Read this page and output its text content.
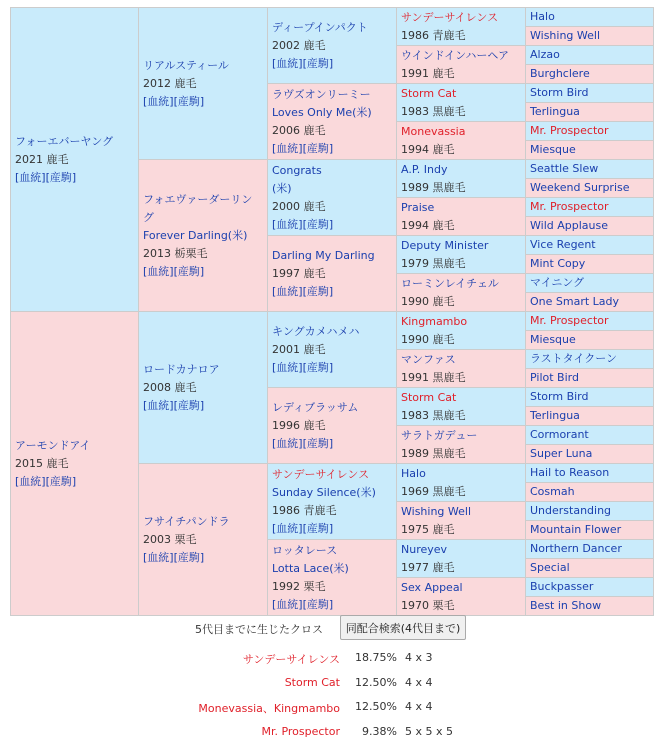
フォーエバーヤング
2021 鹿毛
[血統][産駒]	リアルスティール
2012 鹿毛
[血統][産駒]	ディープインパクト
2002 鹿毛
[血統][産駒]	サンデーサイレンス
1986 青鹿毛	Halo
				Wishing Well
			ウインドインハーヘア
1991 鹿毛	Alzao
				Burghclere
		ラヴズオンリーミー
Loves Only Me(米)
2006 鹿毛
[血統][産駒]	Storm Cat
1983 黒鹿毛	Storm Bird
				Terlingua
			Monevassia
1994 鹿毛	Mr. Prospector
				Miesque
	フォエヴァーダーリング
Forever Darling(米)
2013 栃栗毛
[血統][産駒]	Congrats
(米)
2000 鹿毛
[血統][産駒]	A.P. Indy
1989 黒鹿毛	Seattle Slew
				Weekend Surprise
			Praise
1994 鹿毛	Mr. Prospector
				Wild Applause
		Darling My Darling
1997 鹿毛
[血統][産駒]	Deputy Minister
1979 黒鹿毛	Vice Regent
				Mint Copy
			ローミンレイチェル
1990 鹿毛	マイニング
				One Smart Lady
アーモンドアイ
2015 鹿毛
[血統][産駒]	ロードカナロア
2008 鹿毛
[血統][産駒]	キングカメハメハ
2001 鹿毛
[血統][産駒]	Kingmambo
1990 鹿毛	Mr. Prospector
				Miesque
			マンファス
1991 黒鹿毛	ラストタイクーン
				Pilot Bird
		レディブラッサム
1996 鹿毛
[血統][産駒]	Storm Cat
1983 黒鹿毛	Storm Bird
				Terlingua
			サラトガデュー
1989 黒鹿毛	Cormorant
				Super Luna
	フサイチパンドラ
2003 栗毛
[血統][産駒]	サンデーサイレンス
Sunday Silence(米)
1986 青鹿毛
[血統][産駒]	Halo
1969 黒鹿毛	Hail to Reason
				Cosmah
			Wishing Well
1975 鹿毛	Understanding
				Mountain Flower
		ロッタレース
Lotta Lace(米)
1992 栗毛
[血統][産駒]	Nureyev
1977 鹿毛	Northern Dancer
				Special
			Sex Appeal
1970 栗毛	Buckpasser
				Best in Show
5代目までに生じたクロス	同配合検索(4代目まで)
サンデーサイレンス 18.75% 4 x 3
Storm Cat 12.50% 4 x 4
Monevassia、Kingmambo 12.50% 4 x 4
Mr. Prospector 9.38% 5 x 5 x 5
